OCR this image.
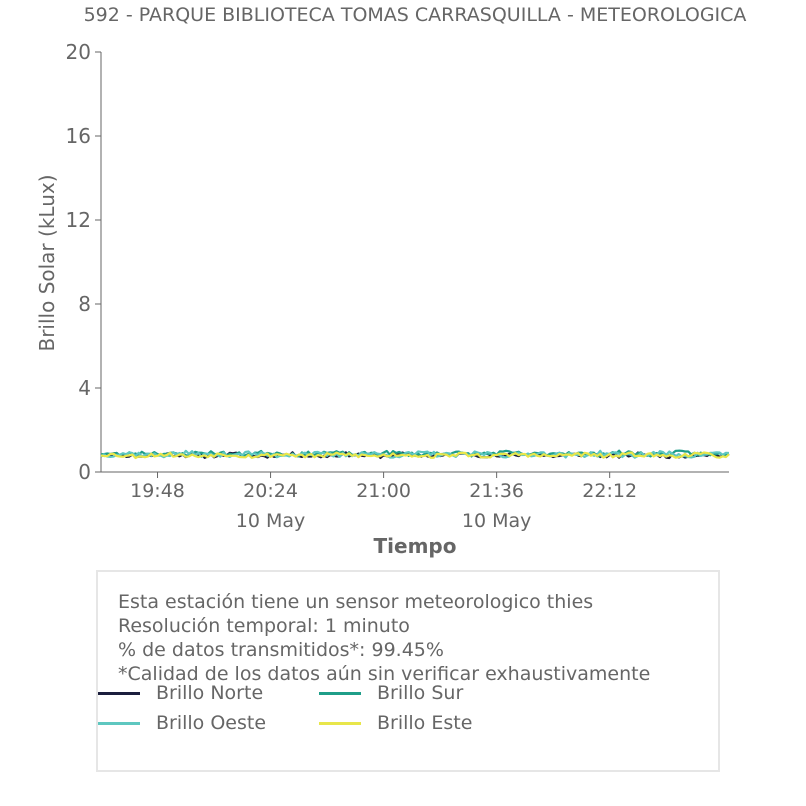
592 - PARQUE BIBLIOTECA TOMAS CARRASQUILLA - METEOROLOGICA
0
4
8
12
16
20
19:48	20:24
10 May
21:00	21:36
10 May
22:12
Brillo Solar (kLux)
Tiempo
Esta estación tiene un sensor meteorologico thies
Resolución temporal: 1 minuto
% de datos transmitidos*: 99.45%
*Calidad de los datos aún sin verificar exhaustivamente
Brillo Norte	Brillo Sur
Brillo Oeste	Brillo Este
